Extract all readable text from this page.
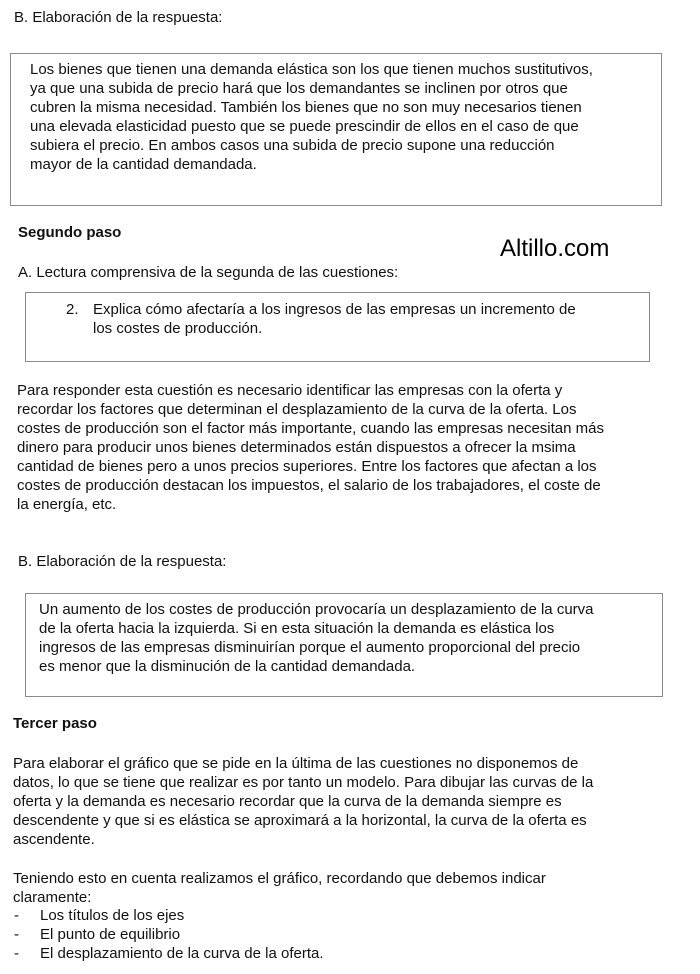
B. Elaboración de la respuesta:
Los bienes que tienen una demanda elástica son los que tienen muchos sustitutivos,
ya que una subida de precio hará que los demandantes se inclinen por otros que
cubren la misma necesidad. También los bienes que no son muy necesarios tienen
una elevada elasticidad puesto que se puede prescindir de ellos en el caso de que
subiera el precio. En ambos casos una subida de precio supone una reducción
mayor de la cantidad demandada.
Segundo paso
Altillo.com
A. Lectura comprensiva de la segunda de las cuestiones:
2. Explica cómo afectaría a los ingresos de las empresas un incremento de
los costes de producción.
Para responder esta cuestión es necesario identificar las empresas con la oferta y
recordar los factores que determinan el desplazamiento de la curva de la oferta. Los
costes de producción son el factor más importante, cuando las empresas necesitan más
dinero para producir unos bienes determinados están dispuestos a ofrecer la msima
cantidad de bienes pero a unos precios superiores. Entre los factores que afectan a los
costes de producción destacan los impuestos, el salario de los trabajadores, el coste de
la energía, etc.
B. Elaboración de la respuesta:
Un aumento de los costes de producción provocaría un desplazamiento de la curva
de la oferta hacia la izquierda. Si en esta situación la demanda es elástica los
ingresos de las empresas disminuirían porque el aumento proporcional del precio
es menor que la disminución de la cantidad demandada.
Tercer paso
Para elaborar el gráfico que se pide en la última de las cuestiones no disponemos de
datos, lo que se tiene que realizar es por tanto un modelo. Para dibujar las curvas de la
oferta y la demanda es necesario recordar que la curva de la demanda siempre es
descendente y que si es elástica se aproximará a la horizontal, la curva de la oferta es
ascendente.
Teniendo esto en cuenta realizamos el gráfico, recordando que debemos indicar
claramente:
- Los títulos de los ejes
- El punto de equilibrio
- El desplazamiento de la curva de la oferta.
